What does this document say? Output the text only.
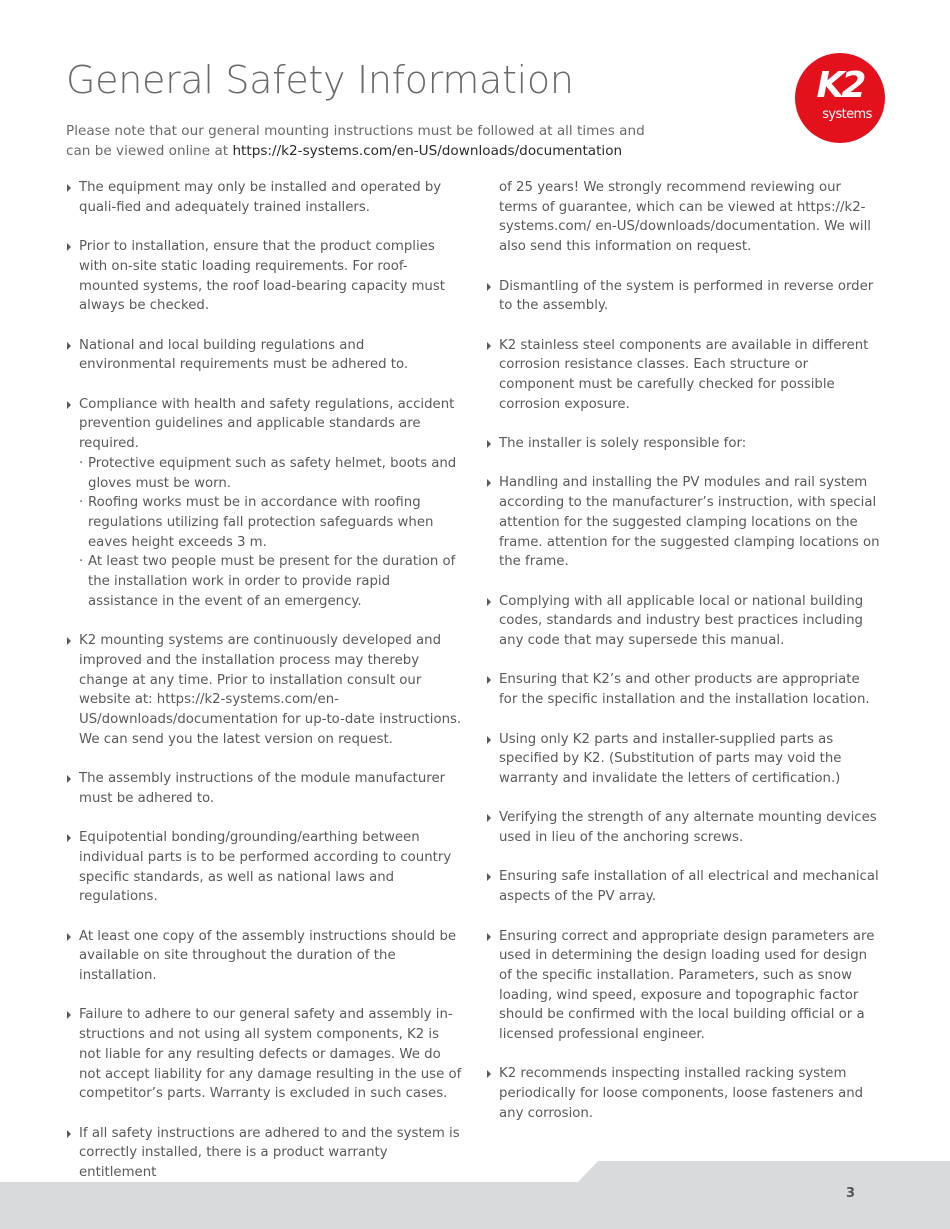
General Safety Information

Please note that our general mounting instructions must be followed at all times and
can be viewed online at https://k2-systems.com/en-US/downloads/documentation

K2
systems
The equipment may only be installed and operated by quali-fied and adequately trained installers.
Prior to installation, ensure that the product complies with on-site static loading requirements. For roof-mounted systems, the roof load-bearing capacity must always be checked.
National and local building regulations and environmental requirements must be adhered to.
Compliance with health and safety regulations, accident prevention guidelines and applicable standards are required.
· Protective equipment such as safety helmet, boots and gloves must be worn.
· Roofing works must be in accordance with roofing regulations utilizing fall protection safeguards when eaves height exceeds 3 m.
· At least two people must be present for the duration of the installation work in order to provide rapid assistance in the event of an emergency.
K2 mounting systems are continuously developed and improved and the installation process may thereby change at any time. Prior to installation consult our website at: https://k2-systems.com/en-US/downloads/documentation for up-to-date instructions. We can send you the latest version on request.
The assembly instructions of the module manufacturer must be adhered to.
Equipotential bonding/grounding/earthing between individual parts is to be performed according to country specific standards, as well as national laws and regulations.
At least one copy of the assembly instructions should be available on site throughout the duration of the installation.
Failure to adhere to our general safety and assembly in-structions and not using all system components, K2 is not liable for any resulting defects or damages. We do not accept liability for any damage resulting in the use of competitor’s parts. Warranty is excluded in such cases.
If all safety instructions are adhered to and the system is correctly installed, there is a product warranty entitlement
of 25 years! We strongly recommend reviewing our terms of guarantee, which can be viewed at https://k2-systems.com/ en-US/downloads/documentation. We will also send this information on request.
Dismantling of the system is performed in reverse order to the assembly.
K2 stainless steel components are available in different corrosion resistance classes. Each structure or component must be carefully checked for possible corrosion exposure.
The installer is solely responsible for:
Handling and installing the PV modules and rail system according to the manufacturer’s instruction, with special attention for the suggested clamping locations on the frame. attention for the suggested clamping locations on the frame.
Complying with all applicable local or national building codes, standards and industry best practices including any code that may supersede this manual.
Ensuring that K2’s and other products are appropriate for the specific installation and the installation location.
Using only K2 parts and installer-supplied parts as specified by K2. (Substitution of parts may void the warranty and invalidate the letters of certification.)
Verifying the strength of any alternate mounting devices used in lieu of the anchoring screws.
Ensuring safe installation of all electrical and mechanical aspects of the PV array.
Ensuring correct and appropriate design parameters are used in determining the design loading used for design of the specific installation. Parameters, such as snow loading, wind speed, exposure and topographic factor should be confirmed with the local building official or a licensed professional engineer.
K2 recommends inspecting installed racking system periodically for loose components, loose fasteners and any corrosion.
3
